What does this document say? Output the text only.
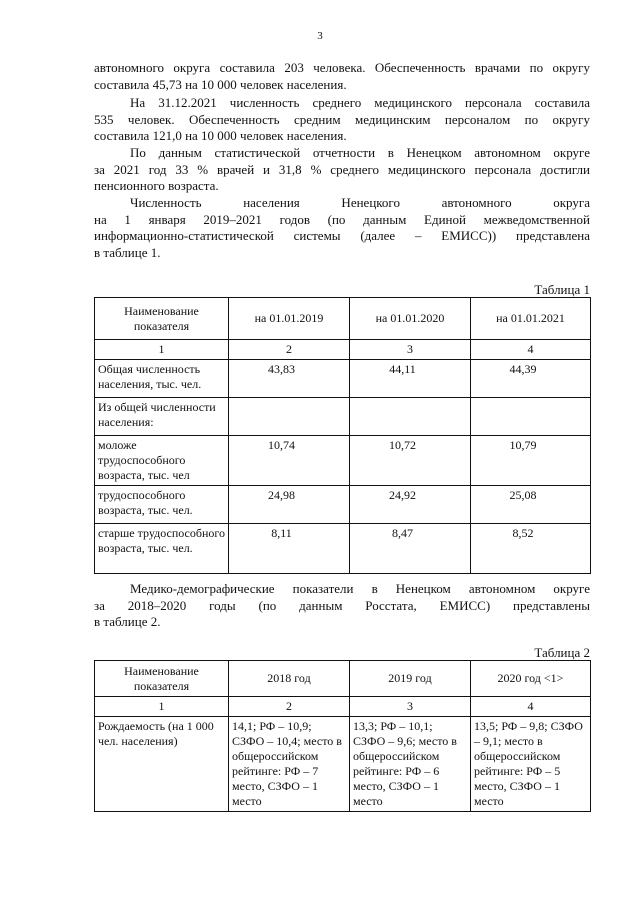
3
автономного округа составила 203 человека. Обеспеченность врачами по округу
составила 45,73 на 10 000 человек населения.
На 31.12.2021 численность среднего медицинского персонала составила
535 человек. Обеспеченность средним медицинским персоналом по округу
составила 121,0 на 10 000 человек населения.
По данным статистической отчетности в Ненецком автономном округе
за 2021 год 33 % врачей и 31,8 % среднего медицинского персонала достигли
пенсионного возраста.
Численность населения Ненецкого автономного округа
на 1 января 2019–2021 годов (по данным Единой межведомственной
информационно-статистической системы (далее – ЕМИСС)) представлена
в таблице 1.
Таблица 1
Наименование показателя	на 01.01.2019	на 01.01.2020	на 01.01.2021
1	2	3	4
Общая численность населения, тыс. чел.	43,83	44,11	44,39
Из общей численности населения:			
моложе трудоспособного возраста, тыс. чел	10,74	10,72	10,79
трудоспособного возраста, тыс. чел.	24,98	24,92	25,08
старше трудоспособного возраста, тыс. чел.	8,11	8,47	8,52
Медико-демографические показатели в Ненецком автономном округе
за 2018–2020 годы (по данным Росстата, ЕМИСС) представлены
в таблице 2.
Таблица 2
Наименование показателя	2018 год	2019 год	2020 год <1>
1	2	3	4
Рождаемость (на 1 000 чел. населения)	14,1; РФ – 10,9; СЗФО – 10,4; место в общероссийском рейтинге: РФ – 7 место, СЗФО – 1 место	13,3; РФ – 10,1; СЗФО – 9,6; место в общероссийском рейтинге: РФ – 6 место, СЗФО – 1 место	13,5; РФ – 9,8; СЗФО – 9,1; место в общероссийском рейтинге: РФ – 5 место, СЗФО – 1 место
